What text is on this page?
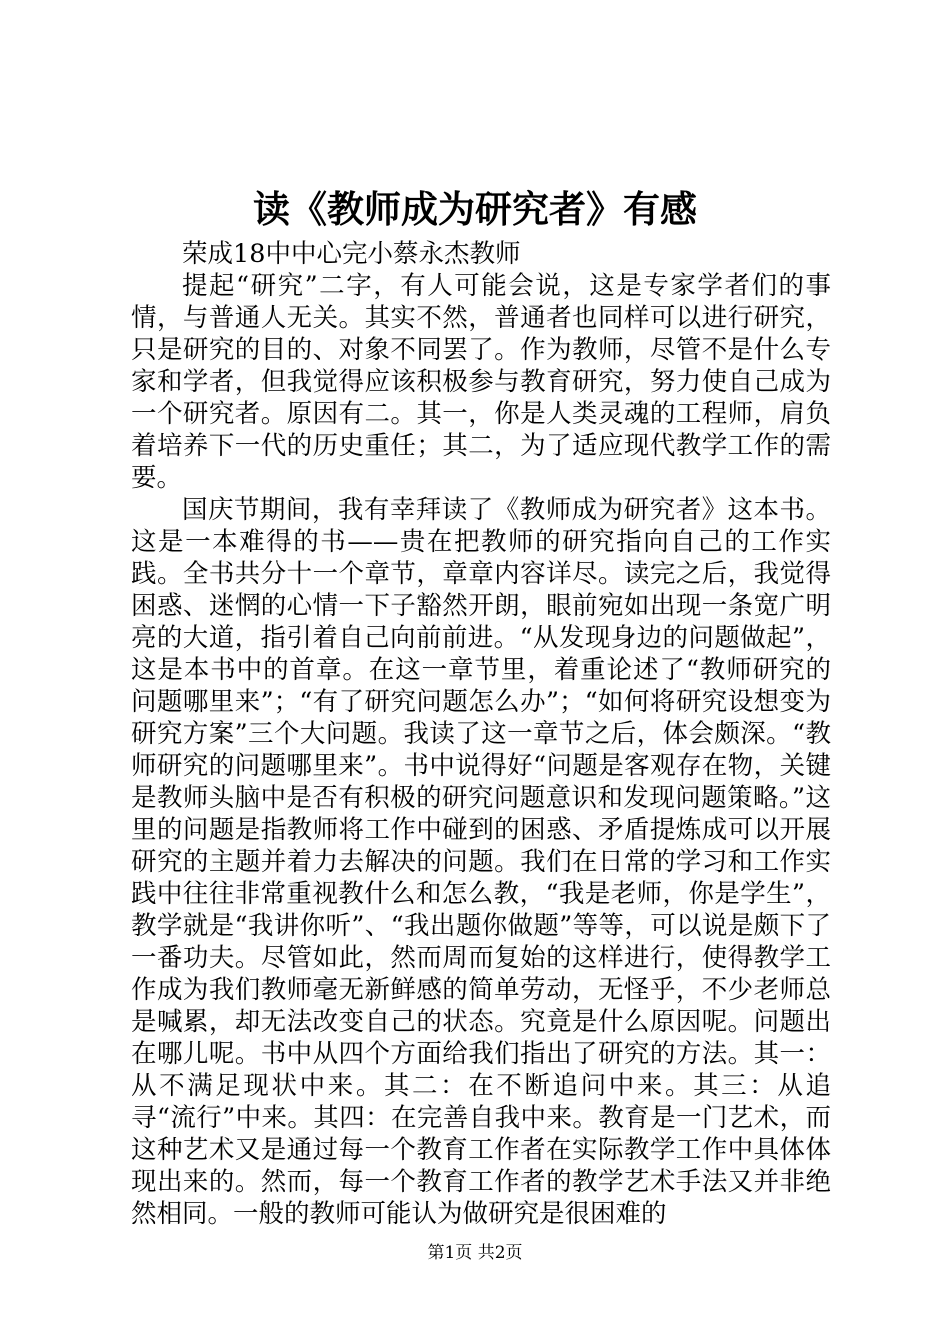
读《教师成为研究者》有感

荣成18中中心完小蔡永杰教师

提起“研究”二字，有人可能会说，这是专家学者们的事情，与普通人无关。其实不然，普通者也同样可以进行研究，只是研究的目的、对象不同罢了。作为教师，尽管不是什么专家和学者，但我觉得应该积极参与教育研究，努力使自己成为一个研究者。原因有二。其一，你是人类灵魂的工程师，肩负着培养下一代的历史重任；其二，为了适应现代教学工作的需要。

国庆节期间，我有幸拜读了《教师成为研究者》这本书。这是一本难得的书——贵在把教师的研究指向自己的工作实践。全书共分十一个章节，章章内容详尽。读完之后，我觉得困惑、迷惘的心情一下子豁然开朗，眼前宛如出现一条宽广明亮的大道，指引着自己向前前进。“从发现身边的问题做起”，这是本书中的首章。在这一章节里，着重论述了“教师研究的问题哪里来”；“有了研究问题怎么办”；“如何将研究设想变为研究方案”三个大问题。我读了这一章节之后，体会颇深。“教师研究的问题哪里来”。书中说得好“问题是客观存在物，关键是教师头脑中是否有积极的研究问题意识和发现问题策略。”这里的问题是指教师将工作中碰到的困惑、矛盾提炼成可以开展研究的主题并着力去解决的问题。我们在日常的学习和工作实践中往往非常重视教什么和怎么教，“我是老师，你是学生”，教学就是“我讲你听”、“我出题你做题”等等，可以说是颇下了一番功夫。尽管如此，然而周而复始的这样进行，使得教学工作成为我们教师毫无新鲜感的简单劳动，无怪乎，不少老师总是喊累，却无法改变自己的状态。究竟是什么原因呢。问题出在哪儿呢。书中从四个方面给我们指出了研究的方法。其一：从不满足现状中来。其二：在不断追问中来。其三：从追寻“流行”中来。其四：在完善自我中来。教育是一门艺术，而这种艺术又是通过每一个教育工作者在实际教学工作中具体体现出来的。然而，每一个教育工作者的教学艺术手法又并非绝然相同。一般的教师可能认为做研究是很困难的

第1页 共2页
